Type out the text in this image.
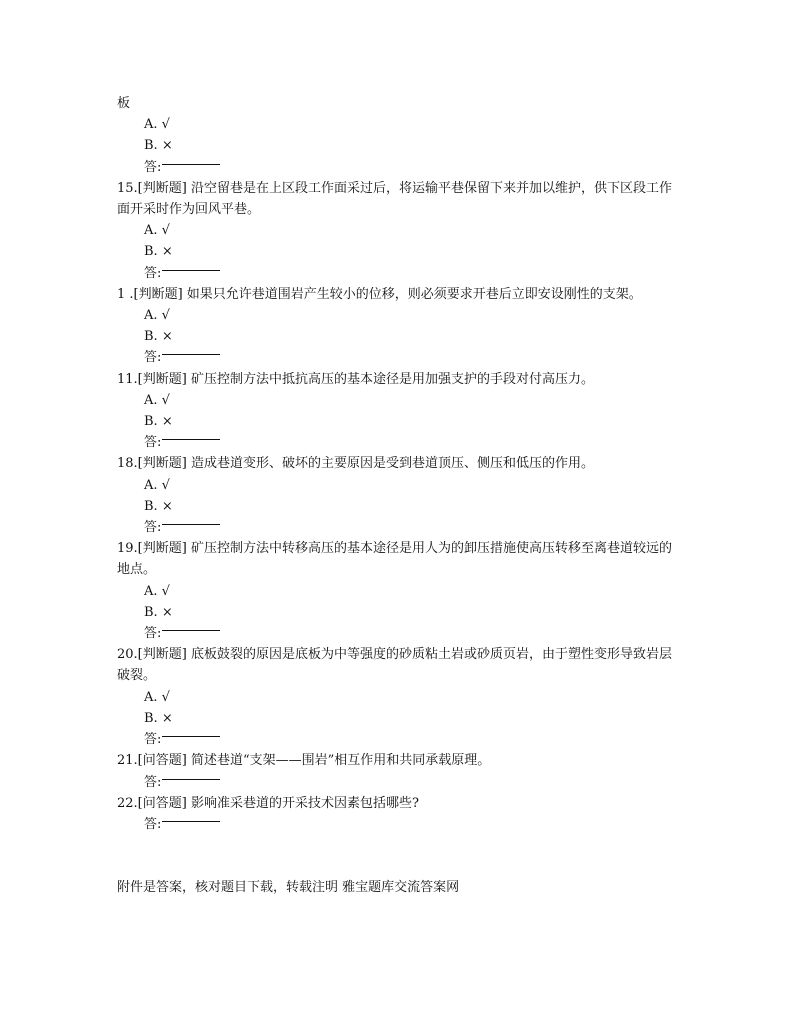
板
A. √
B. ×
答:
15.[判断题] 沿空留巷是在上区段工作面采过后，将运输平巷保留下来并加以维护，供下区段工作面开采时作为回风平巷。
A. √
B. ×
答:
1 .[判断题] 如果只允许巷道围岩产生较小的位移，则必须要求开巷后立即安设刚性的支架。
A. √
B. ×
答:
11.[判断题] 矿压控制方法中抵抗高压的基本途径是用加强支护的手段对付高压力。
A. √
B. ×
答:
18.[判断题] 造成巷道变形、破坏的主要原因是受到巷道顶压、侧压和低压的作用。
A. √
B. ×
答:
19.[判断题] 矿压控制方法中转移高压的基本途径是用人为的卸压措施使高压转移至离巷道较远的地点。
A. √
B. ×
答:
20.[判断题] 底板鼓裂的原因是底板为中等强度的砂质粘土岩或砂质页岩，由于塑性变形导致岩层破裂。
A. √
B. ×
答:
21.[问答题] 简述巷道“支架——围岩”相互作用和共同承载原理。
答:
22.[问答题] 影响准采巷道的开采技术因素包括哪些?
答:
附件是答案，核对题目下载，转载注明 雅宝题库交流答案网
